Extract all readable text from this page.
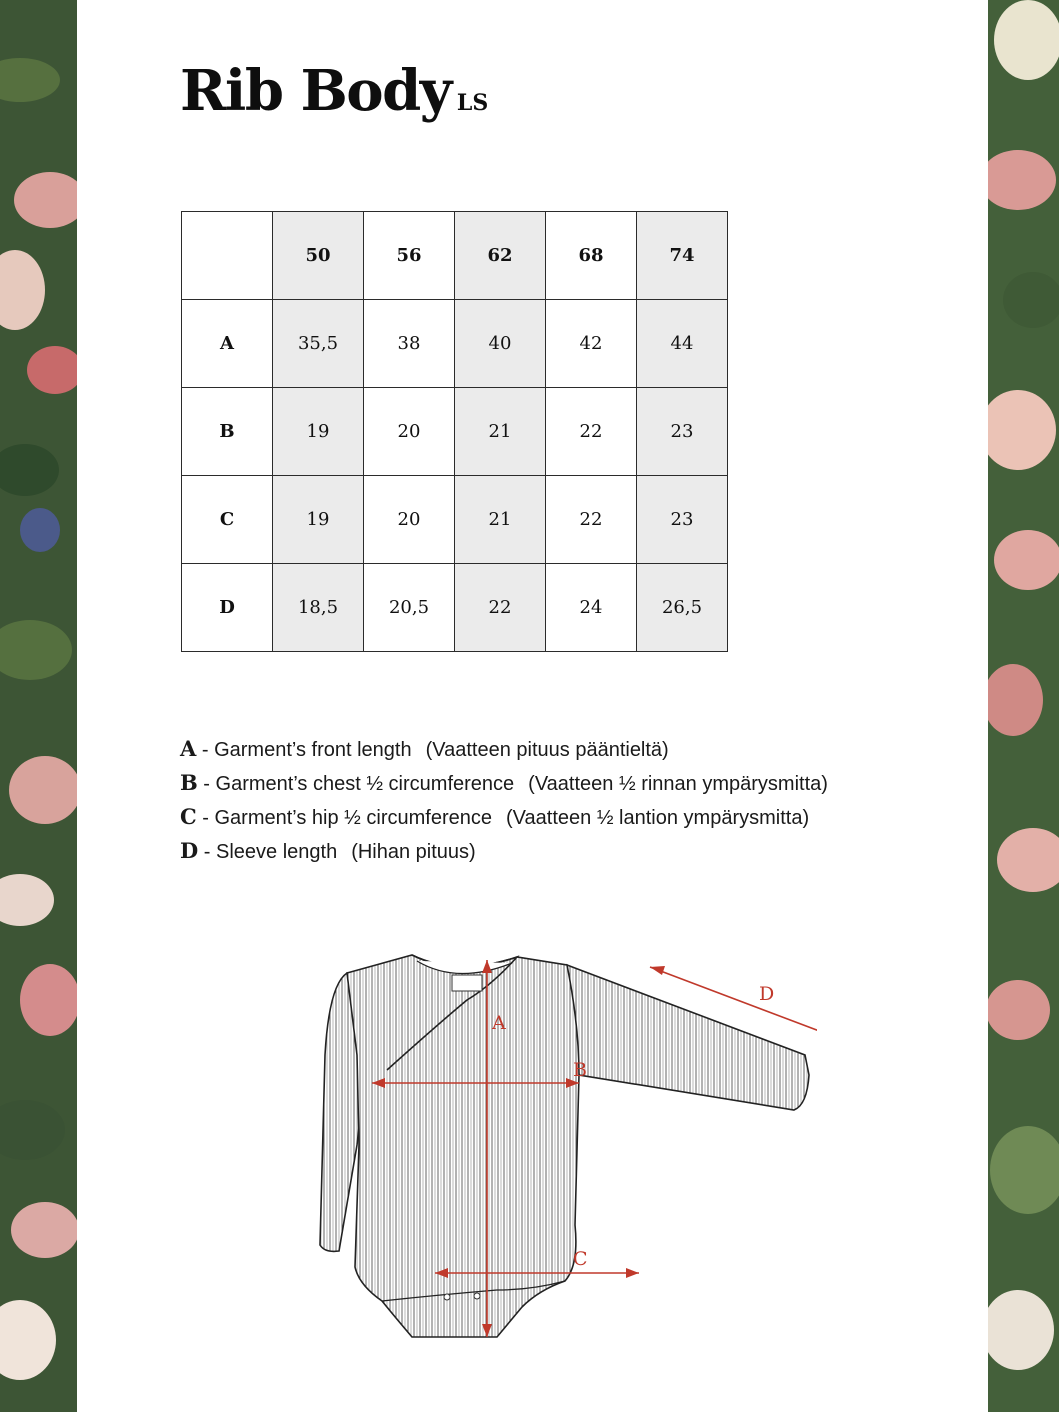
Rib Body LS
	50	56	62	68	74
A	35,5	38	40	42	44
B	19	20	21	22	23
C	19	20	21	22	23
D	18,5	20,5	22	24	26,5
A - Garment’s front length (Vaatteen pituus pääntieltä)
B - Garment’s chest ½ circumference (Vaatteen ½ rinnan ympärysmitta)
C - Garment’s hip ½ circumference (Vaatteen ½ lantion ympärysmitta)
D - Sleeve length (Hihan pituus)
A
B
C
D
